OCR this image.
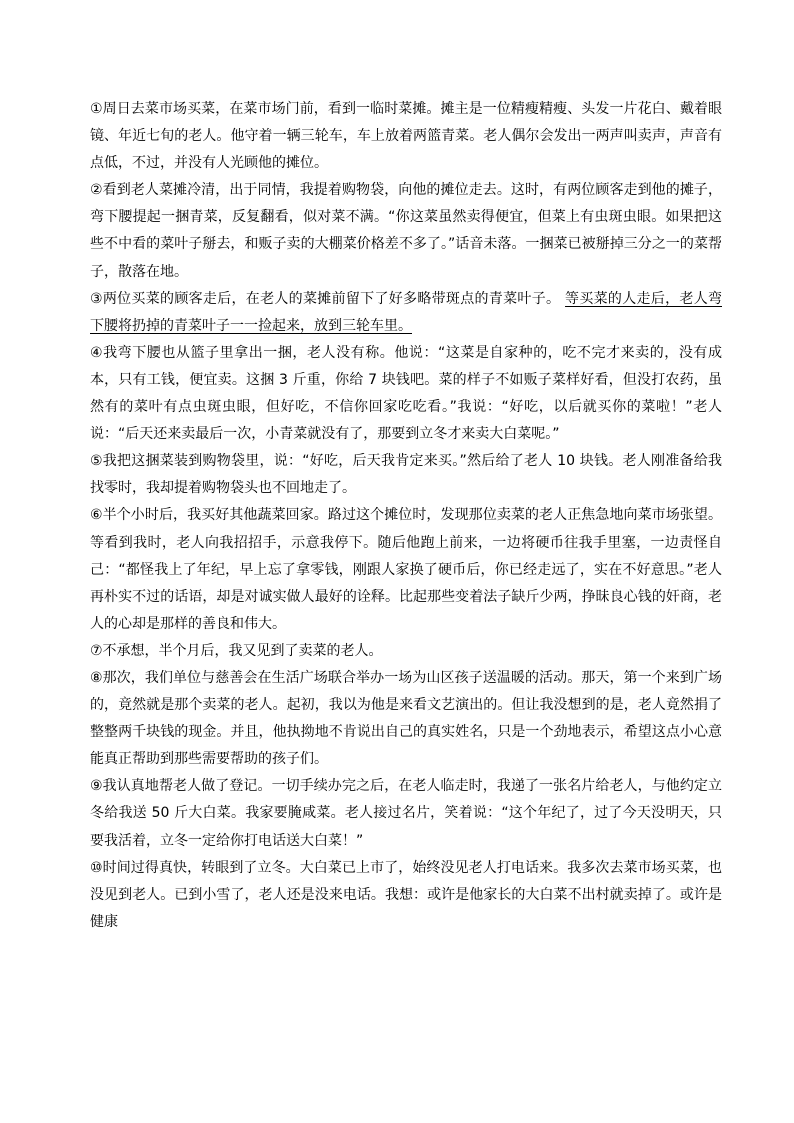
①周日去菜市场买菜，在菜市场门前，看到一临时菜摊。摊主是一位精瘦精瘦、头发一片花白、戴着眼镜、年近七旬的老人。他守着一辆三轮车，车上放着两篮青菜。老人偶尔会发出一两声叫卖声，声音有点低，不过，并没有人光顾他的摊位。

②看到老人菜摊冷清，出于同情，我提着购物袋，向他的摊位走去。这时，有两位顾客走到他的摊子，弯下腰提起一捆青菜，反复翻看，似对菜不满。“你这菜虽然卖得便宜，但菜上有虫斑虫眼。如果把这些不中看的菜叶子掰去，和贩子卖的大棚菜价格差不多了。”话音未落。一捆菜已被掰掉三分之一的菜帮子，散落在地。

③两位买菜的顾客走后，在老人的菜摊前留下了好多略带斑点的青菜叶子。 等买菜的人走后，老人弯下腰将扔掉的青菜叶子一一捡起来，放到三轮车里。

④我弯下腰也从篮子里拿出一捆，老人没有称。他说：“这菜是自家种的，吃不完才来卖的，没有成本，只有工钱，便宜卖。这捆 3 斤重，你给 7 块钱吧。菜的样子不如贩子菜样好看，但没打农药，虽然有的菜叶有点虫斑虫眼，但好吃，不信你回家吃吃看。”我说：“好吃，以后就买你的菜啦！”老人说：“后天还来卖最后一次，小青菜就没有了，那要到立冬才来卖大白菜呢。”

⑤我把这捆菜装到购物袋里，说：“好吃，后天我肯定来买。”然后给了老人 10 块钱。老人刚准备给我找零时，我却提着购物袋头也不回地走了。

⑥半个小时后，我买好其他蔬菜回家。路过这个摊位时，发现那位卖菜的老人正焦急地向菜市场张望。等看到我时，老人向我招招手，示意我停下。随后他跑上前来，一边将硬币往我手里塞，一边责怪自己：“都怪我上了年纪，早上忘了拿零钱，刚跟人家换了硬币后，你已经走远了，实在不好意思。”老人再朴实不过的话语，却是对诚实做人最好的诠释。比起那些变着法子缺斤少两，挣昧良心钱的奸商，老人的心却是那样的善良和伟大。

⑦不承想，半个月后，我又见到了卖菜的老人。

⑧那次，我们单位与慈善会在生活广场联合举办一场为山区孩子送温暖的活动。那天，第一个来到广场的，竟然就是那个卖菜的老人。起初，我以为他是来看文艺演出的。但让我没想到的是，老人竟然捐了整整两千块钱的现金。并且，他执拗地不肯说出自己的真实姓名，只是一个劲地表示，希望这点小心意能真正帮助到那些需要帮助的孩子们。

⑨我认真地帮老人做了登记。一切手续办完之后，在老人临走时，我递了一张名片给老人，与他约定立冬给我送 50 斤大白菜。我家要腌咸菜。老人接过名片，笑着说：“这个年纪了，过了今天没明天，只要我活着，立冬一定给你打电话送大白菜！”

⑩时间过得真快，转眼到了立冬。大白菜已上市了，始终没见老人打电话来。我多次去菜市场买菜，也没见到老人。已到小雪了，老人还是没来电话。我想：或许是他家长的大白菜不出村就卖掉了。或许是健康
